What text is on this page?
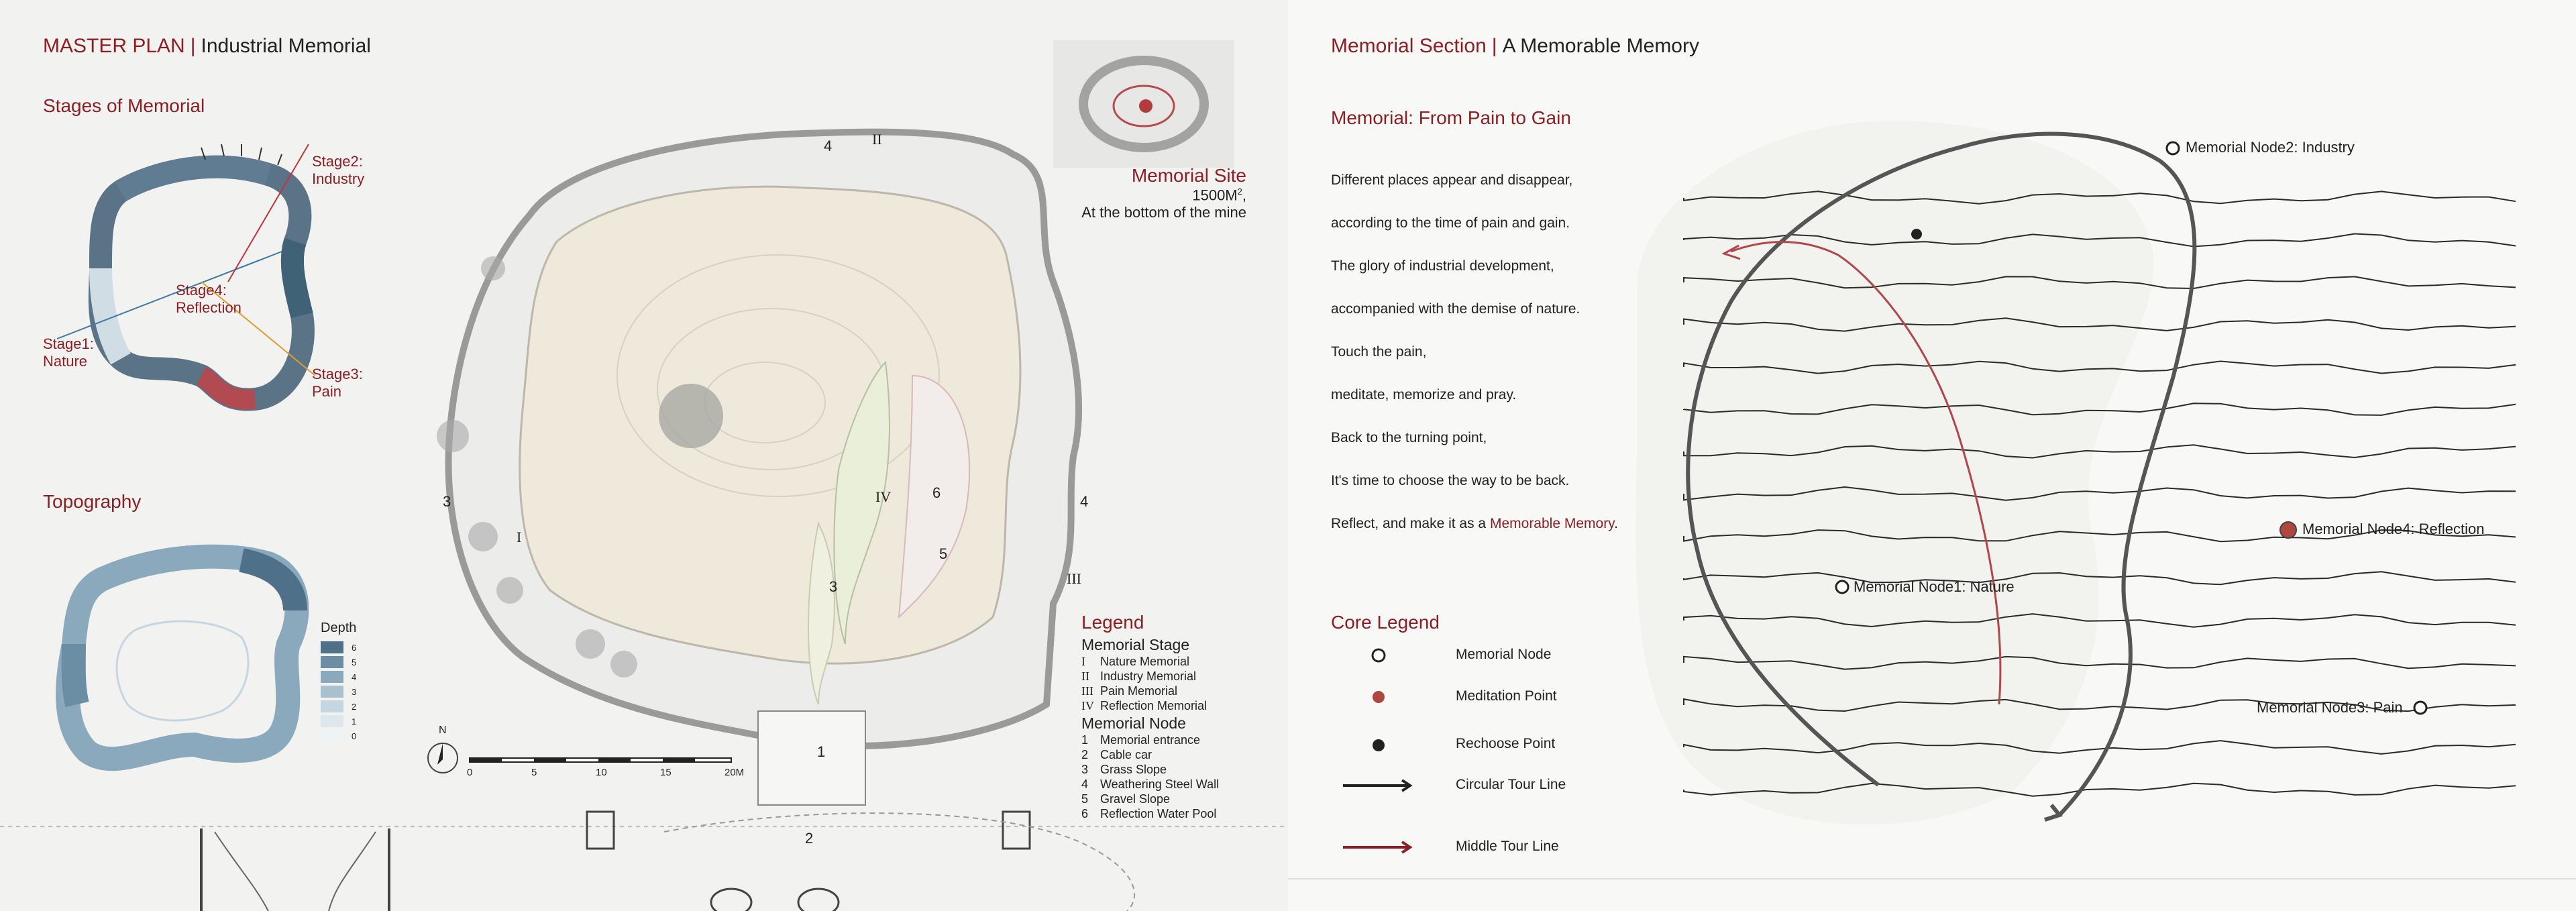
MASTER PLAN | Industrial Memorial
Stages of Memorial
Stage2:
Industry
Stage4:
Reflection
Stage1:
Nature
Stage3:
Pain
Topography
Depth
6
5
4
3
2
1
0
Memorial Site
$1500M^2$,
At the bottom of the mine
II
4
I
IV
III
1
2
3
3
4
5
6
N
0	5	10	15	20M
Legend
Memorial Stage
I Nature Memorial
II Industry Memorial
III Pain Memorial
IV Reflection Memorial
Memorial Node
1 Memorial entrance
2 Cable car
3 Grass Slope
4 Weathering Steel Wall
5 Gravel Slope
6 Reflection Water Pool
Memorial Section | A Memorable Memory
Memorial: From Pain to Gain
Different places appear and disappear,
according to the time of pain and gain.
The glory of industrial development,
accompanied with the demise of nature.
Touch the pain,
meditate, memorize and pray.
Back to the turning point,
It's time to choose the way to be back.
Reflect, and make it as a Memorable Memory.
Core Legend
Memorial Node
Meditation Point
Rechoose Point
Circular Tour Line
Middle Tour Line
Memorial Node2: Industry
Memorial Node4: Reflection
Memorial Node1: Nature
Memorial Node3: Pain
